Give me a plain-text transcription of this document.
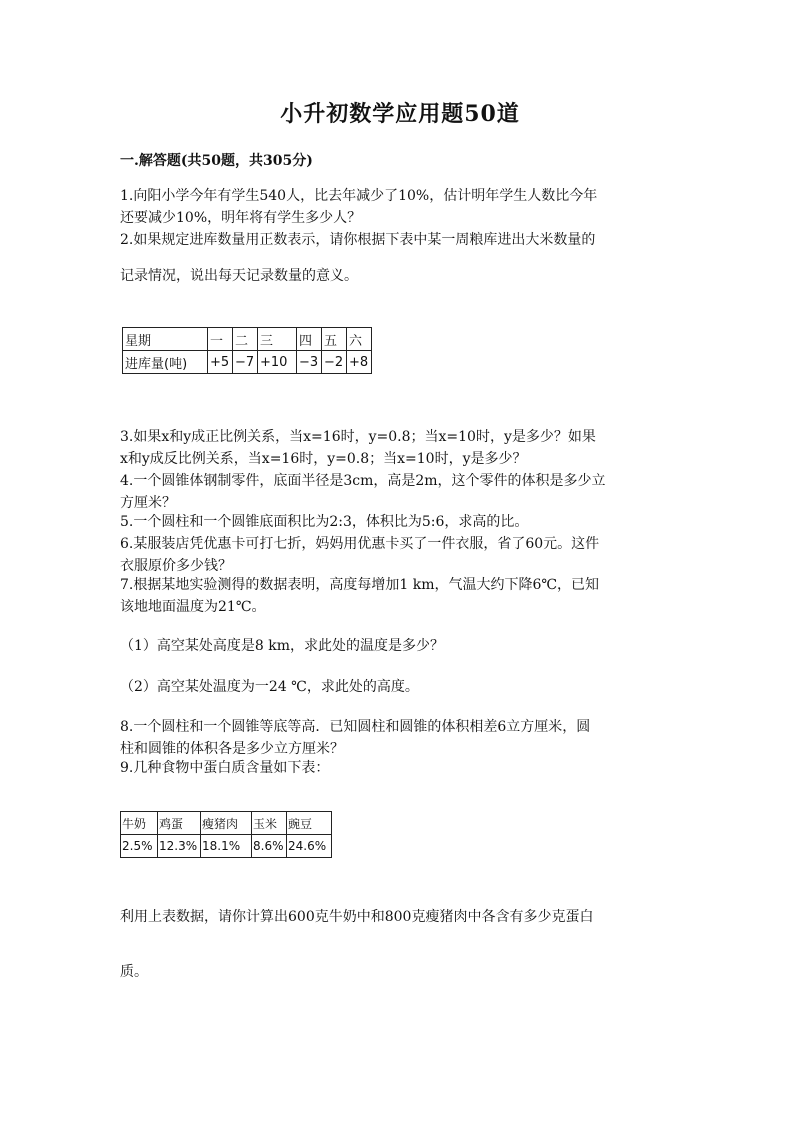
小升初数学应用题50道
一.解答题(共50题，共305分)
1.向阳小学今年有学生540人，比去年减少了10%，估计明年学生人数比今年
还要减少10%，明年将有学生多少人？
2.如果规定进库数量用正数表示，请你根据下表中某一周粮库进出大米数量的
记录情况，说出每天记录数量的意义。
星期	一	二	三	四	五	六
进库量(吨)	+5	−7	+10	−3	−2	+8
3.如果x和y成正比例关系，当x=16时，y=0.8；当x=10时，y是多少？如果
x和y成反比例关系，当x=16时，y=0.8；当x=10时，y是多少？
4.一个圆锥体钢制零件，底面半径是3cm，高是2m，这个零件的体积是多少立
方厘米？
5.一个圆柱和一个圆锥底面积比为2:3，体积比为5:6，求高的比。
6.某服装店凭优惠卡可打七折，妈妈用优惠卡买了一件衣服，省了60元。这件
衣服原价多少钱？
7.根据某地实验测得的数据表明，高度每增加1 km，气温大约下降6℃，已知
该地地面温度为21℃。
（1）高空某处高度是8 km，求此处的温度是多少？
（2）高空某处温度为一24 ℃，求此处的高度。
8.一个圆柱和一个圆锥等底等高．已知圆柱和圆锥的体积相差6立方厘米，圆
柱和圆锥的体积各是多少立方厘米？
9.几种食物中蛋白质含量如下表：
牛奶	鸡蛋	瘦猪肉	玉米	豌豆
2.5%	12.3%	18.1%	8.6%	24.6%
利用上表数据，请你计算出600克牛奶中和800克瘦猪肉中各含有多少克蛋白
质。
